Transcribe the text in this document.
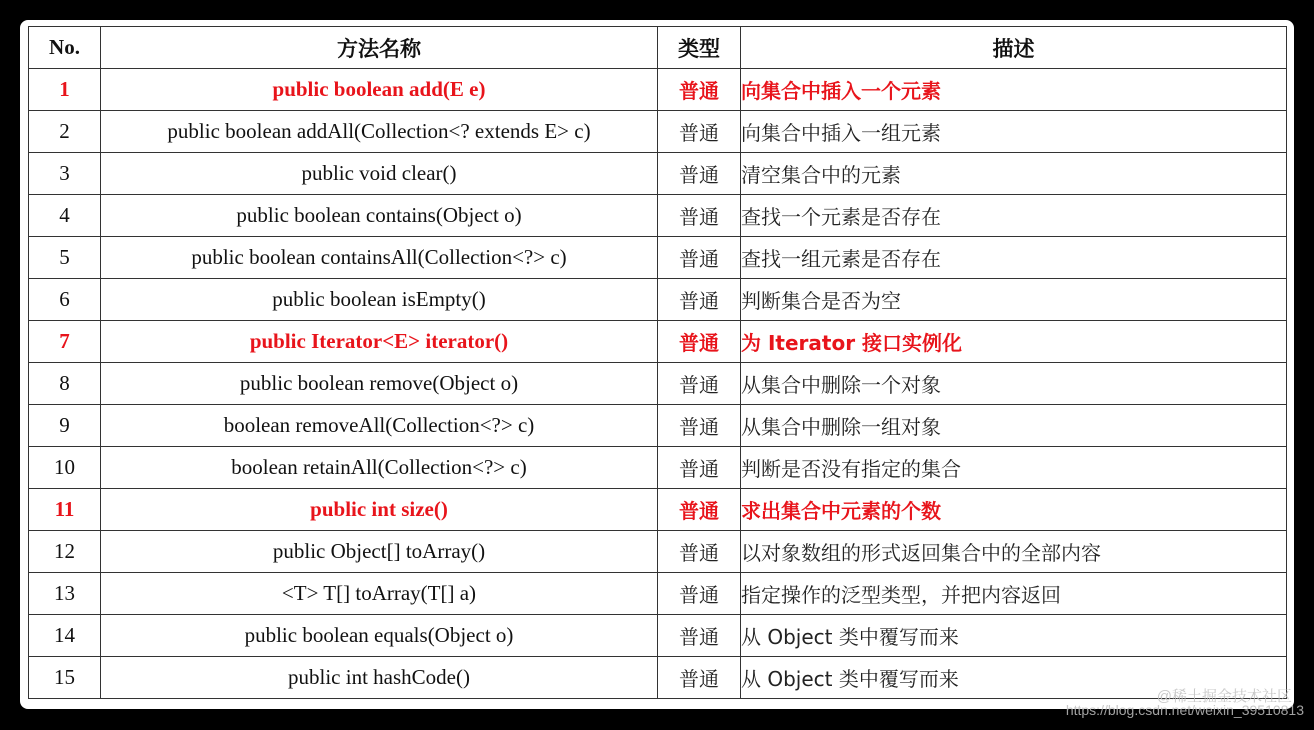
No.	方法名称	类型	描述
1	public boolean add(E e)	普通	向集合中插入一个元素
2	public boolean addAll(Collection<? extends E> c)	普通	向集合中插入一组元素
3	public void clear()	普通	清空集合中的元素
4	public boolean contains(Object o)	普通	查找一个元素是否存在
5	public boolean containsAll(Collection<?> c)	普通	查找一组元素是否存在
6	public boolean isEmpty()	普通	判断集合是否为空
7	public Iterator<E> iterator()	普通	为 Iterator 接口实例化
8	public boolean remove(Object o)	普通	从集合中删除一个对象
9	boolean removeAll(Collection<?> c)	普通	从集合中删除一组对象
10	boolean retainAll(Collection<?> c)	普通	判断是否没有指定的集合
11	public int size()	普通	求出集合中元素的个数
12	public Object[] toArray()	普通	以对象数组的形式返回集合中的全部内容
13	<T> T[] toArray(T[] a)	普通	指定操作的泛型类型，并把内容返回
14	public boolean equals(Object o)	普通	从 Object 类中覆写而来
15	public int hashCode()	普通	从 Object 类中覆写而来
@稀土掘金技术社区
https://blog.csdn.net/weixin_39510813
